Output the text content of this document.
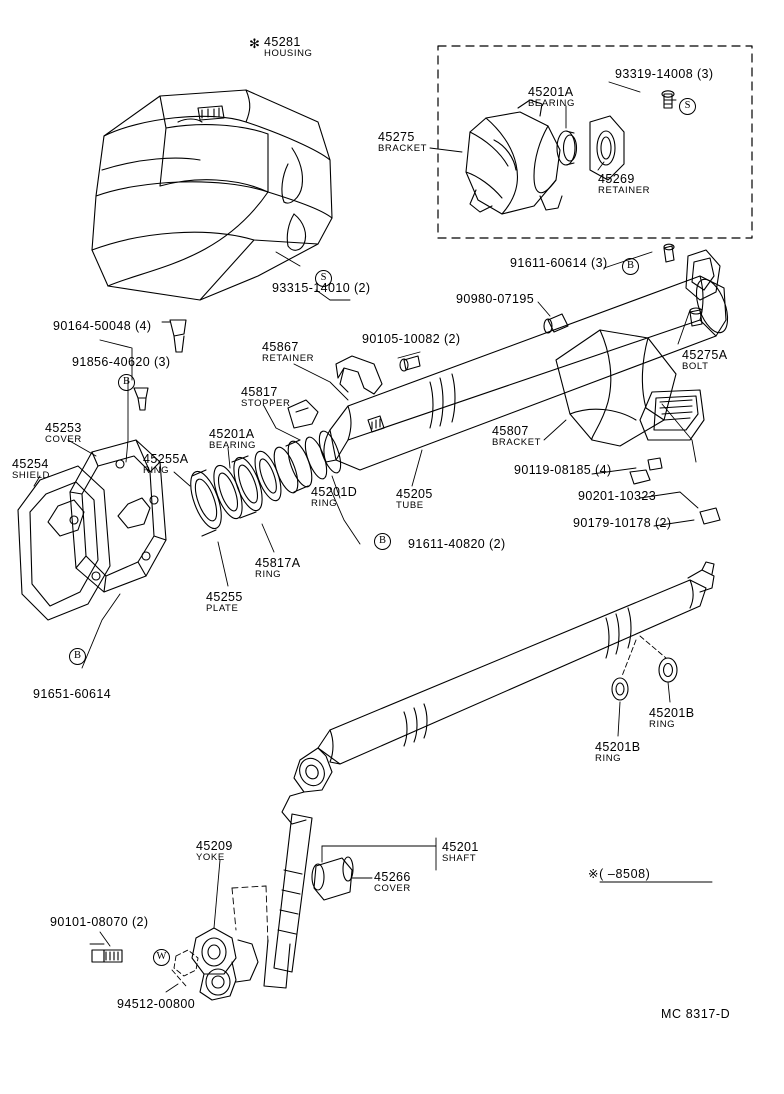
✻ 45281
HOUSING
45275
BRACKET
45201A
BEARING
45269
RETAINER
93319-14008 (3)
93315-14010 (2)
90164-50048 (4)
91856-40620 (3)
45253
COVER
45254
SHIELD
45255A
RING
45201A
BEARING
45817
STOPPER
45867
RETAINER
90105-10082 (2)
45201D
RING
45817A
RING
45255
PLATE
91651-60614
91611-40820 (2)
45205
TUBE
45807
BRACKET
91611-60614 (3)
90980-07195
45275A
BOLT
90119-08185 (4)
90201-10323
90179-10178 (2)
45201B
RING
45201B
RING
45201
SHAFT
45266
COVER
45209
YOKE
90101-08070 (2)
94512-00800
S
S
B
B
B
B
W
※( –8508)
MC 8317-D
